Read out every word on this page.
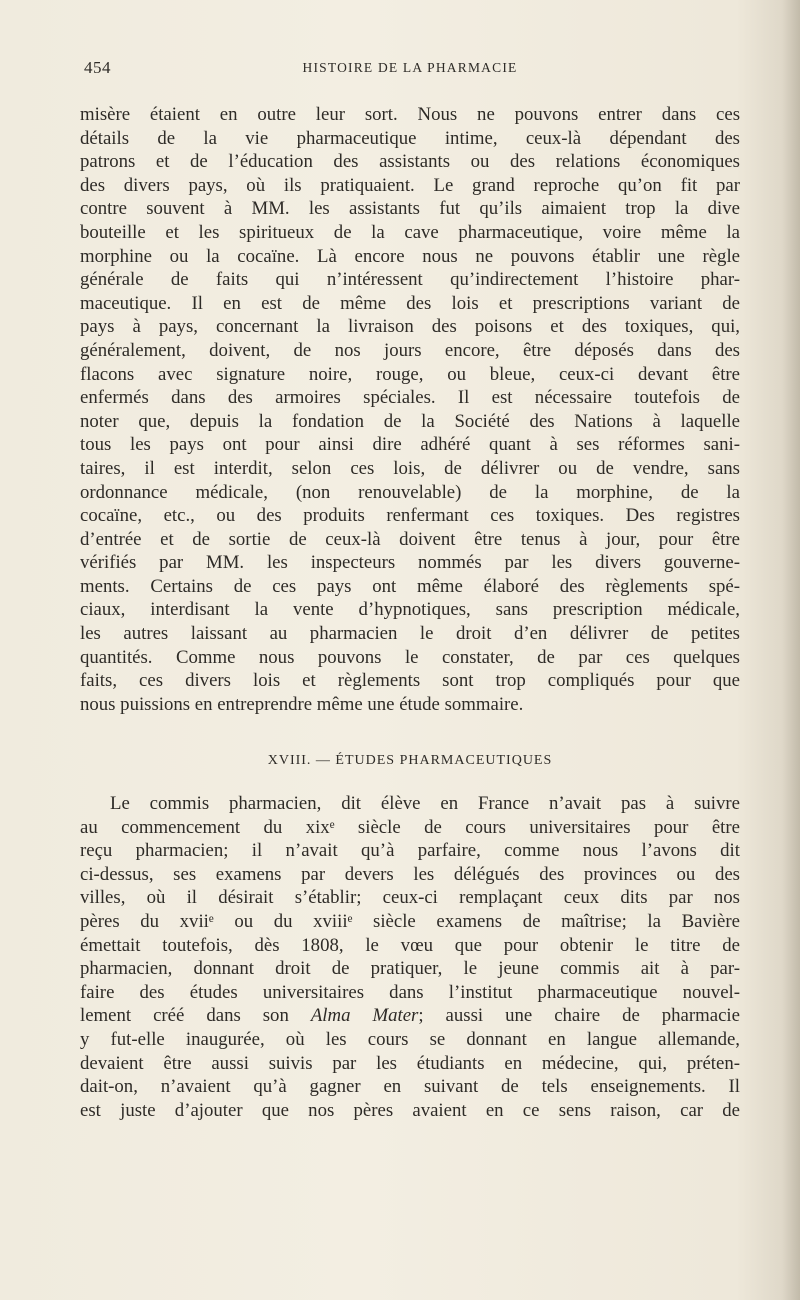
454	HISTOIRE DE LA PHARMACIE
misère étaient en outre leur sort. Nous ne pouvons entrer dans ces
détails de la vie pharmaceutique intime, ceux-là dépendant des
patrons et de l’éducation des assistants ou des relations économiques
des divers pays, où ils pratiquaient. Le grand reproche qu’on fit par
contre souvent à MM. les assistants fut qu’ils aimaient trop la dive
bouteille et les spiritueux de la cave pharmaceutique, voire même la
morphine ou la cocaïne. Là encore nous ne pouvons établir une règle
générale de faits qui n’intéressent qu’indirectement l’histoire phar-
maceutique. Il en est de même des lois et prescriptions variant de
pays à pays, concernant la livraison des poisons et des toxiques, qui,
généralement, doivent, de nos jours encore, être déposés dans des
flacons avec signature noire, rouge, ou bleue, ceux-ci devant être
enfermés dans des armoires spéciales. Il est nécessaire toutefois de
noter que, depuis la fondation de la Société des Nations à laquelle
tous les pays ont pour ainsi dire adhéré quant à ses réformes sani-
taires, il est interdit, selon ces lois, de délivrer ou de vendre, sans
ordonnance médicale, (non renouvelable) de la morphine, de la
cocaïne, etc., ou des produits renfermant ces toxiques. Des registres
d’entrée et de sortie de ceux-là doivent être tenus à jour, pour être
vérifiés par MM. les inspecteurs nommés par les divers gouverne-
ments. Certains de ces pays ont même élaboré des règlements spé-
ciaux, interdisant la vente d’hypnotiques, sans prescription médicale,
les autres laissant au pharmacien le droit d’en délivrer de petites
quantités. Comme nous pouvons le constater, de par ces quelques
faits, ces divers lois et règlements sont trop compliqués pour que
nous puissions en entreprendre même une étude sommaire.
XVIII. — ÉTUDES PHARMACEUTIQUES
Le commis pharmacien, dit élève en France n’avait pas à suivre
au commencement du xixᵉ siècle de cours universitaires pour être
reçu pharmacien; il n’avait qu’à parfaire, comme nous l’avons dit
ci-dessus, ses examens par devers les délégués des provinces ou des
villes, où il désirait s’établir; ceux-ci remplaçant ceux dits par nos
pères du xviiᵉ ou du xviiiᵉ siècle examens de maîtrise; la Bavière
émettait toutefois, dès 1808, le vœu que pour obtenir le titre de
pharmacien, donnant droit de pratiquer, le jeune commis ait à par-
faire des études universitaires dans l’institut pharmaceutique nouvel-
lement créé dans son Alma Mater; aussi une chaire de pharmacie
y fut-elle inaugurée, où les cours se donnant en langue allemande,
devaient être aussi suivis par les étudiants en médecine, qui, préten-
dait-on, n’avaient qu’à gagner en suivant de tels enseignements. Il
est juste d’ajouter que nos pères avaient en ce sens raison, car de
